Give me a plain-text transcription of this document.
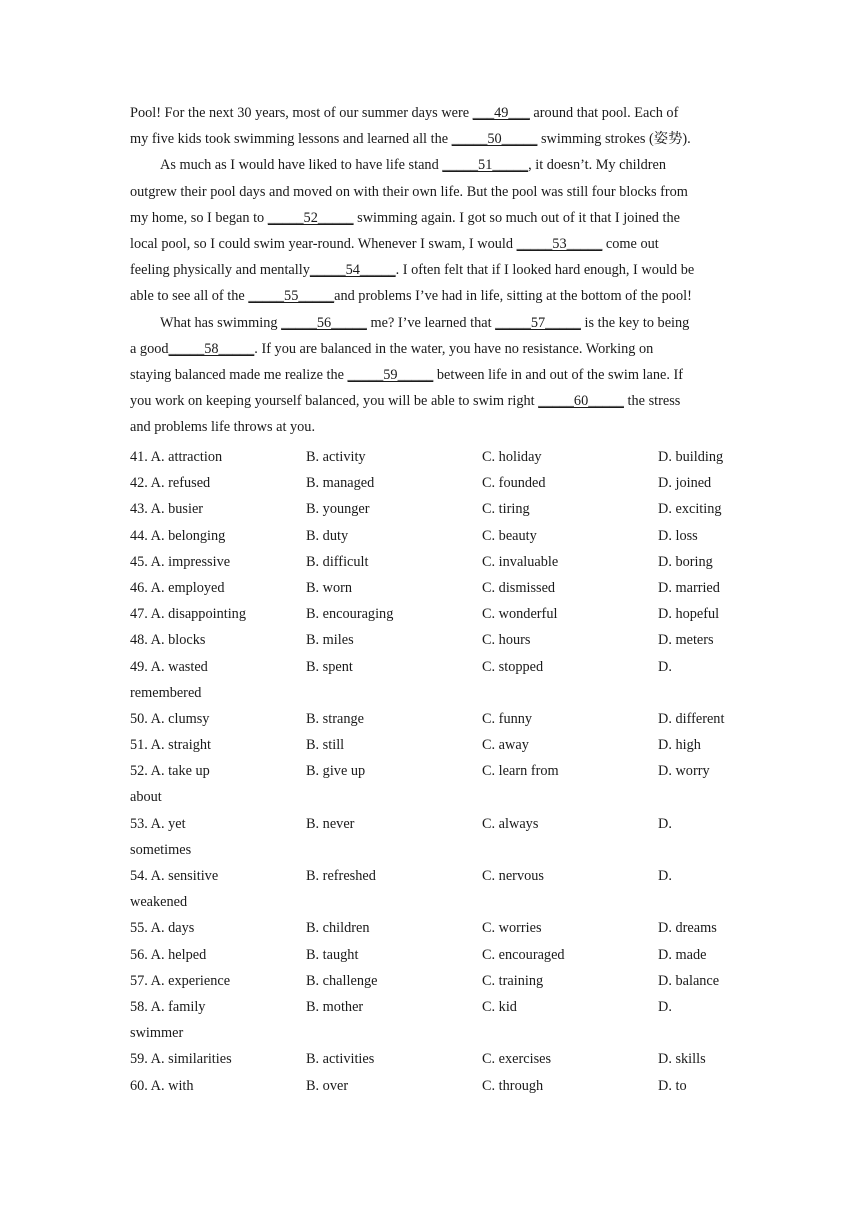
Pool! For the next 30 years, most of our summer days were ___49___ around that pool. Each of
my five kids took swimming lessons and learned all the _____50_____ swimming strokes (姿势).
As much as I would have liked to have life stand _____51_____, it doesn’t. My children
outgrew their pool days and moved on with their own life. But the pool was still four blocks from
my home, so I began to _____52_____ swimming again. I got so much out of it that I joined the
local pool, so I could swim year-round. Whenever I swam, I would _____53_____ come out
feeling physically and mentally_____54_____. I often felt that if I looked hard enough, I would be
able to see all of the _____55_____and problems I’ve had in life, sitting at the bottom of the pool!
What has swimming _____56_____ me? I’ve learned that _____57_____ is the key to being
a good_____58_____. If you are balanced in the water, you have no resistance. Working on
staying balanced made me realize the _____59_____ between life in and out of the swim lane. If
you work on keeping yourself balanced, you will be able to swim right _____60_____ the stress
and problems life throws at you.
41. A. attraction	B. activity	C. holiday	D. building
42. A. refused	B. managed	C. founded	D. joined
43. A. busier	B. younger	C. tiring	D. exciting
44. A. belonging	B. duty	C. beauty	D. loss
45. A. impressive	B. difficult	C. invaluable	D. boring
46. A. employed	B. worn	C. dismissed	D. married
47. A. disappointing	B. encouraging	C. wonderful	D. hopeful
48. A. blocks	B. miles	C. hours	D. meters
49. A. wasted	B. spent	C. stopped	D.
remembered
50. A. clumsy	B. strange	C. funny	D. different
51. A. straight	B. still	C. away	D. high
52. A. take up	B. give up	C. learn from	D. worry
about
53. A. yet	B. never	C. always	D.
sometimes
54. A. sensitive	B. refreshed	C. nervous	D.
weakened
55. A. days	B. children	C. worries	D. dreams
56. A. helped	B. taught	C. encouraged	D. made
57. A. experience	B. challenge	C. training	D. balance
58. A. family	B. mother	C. kid	D.
swimmer
59. A. similarities	B. activities	C. exercises	D. skills
60. A. with	B. over	C. through	D. to
